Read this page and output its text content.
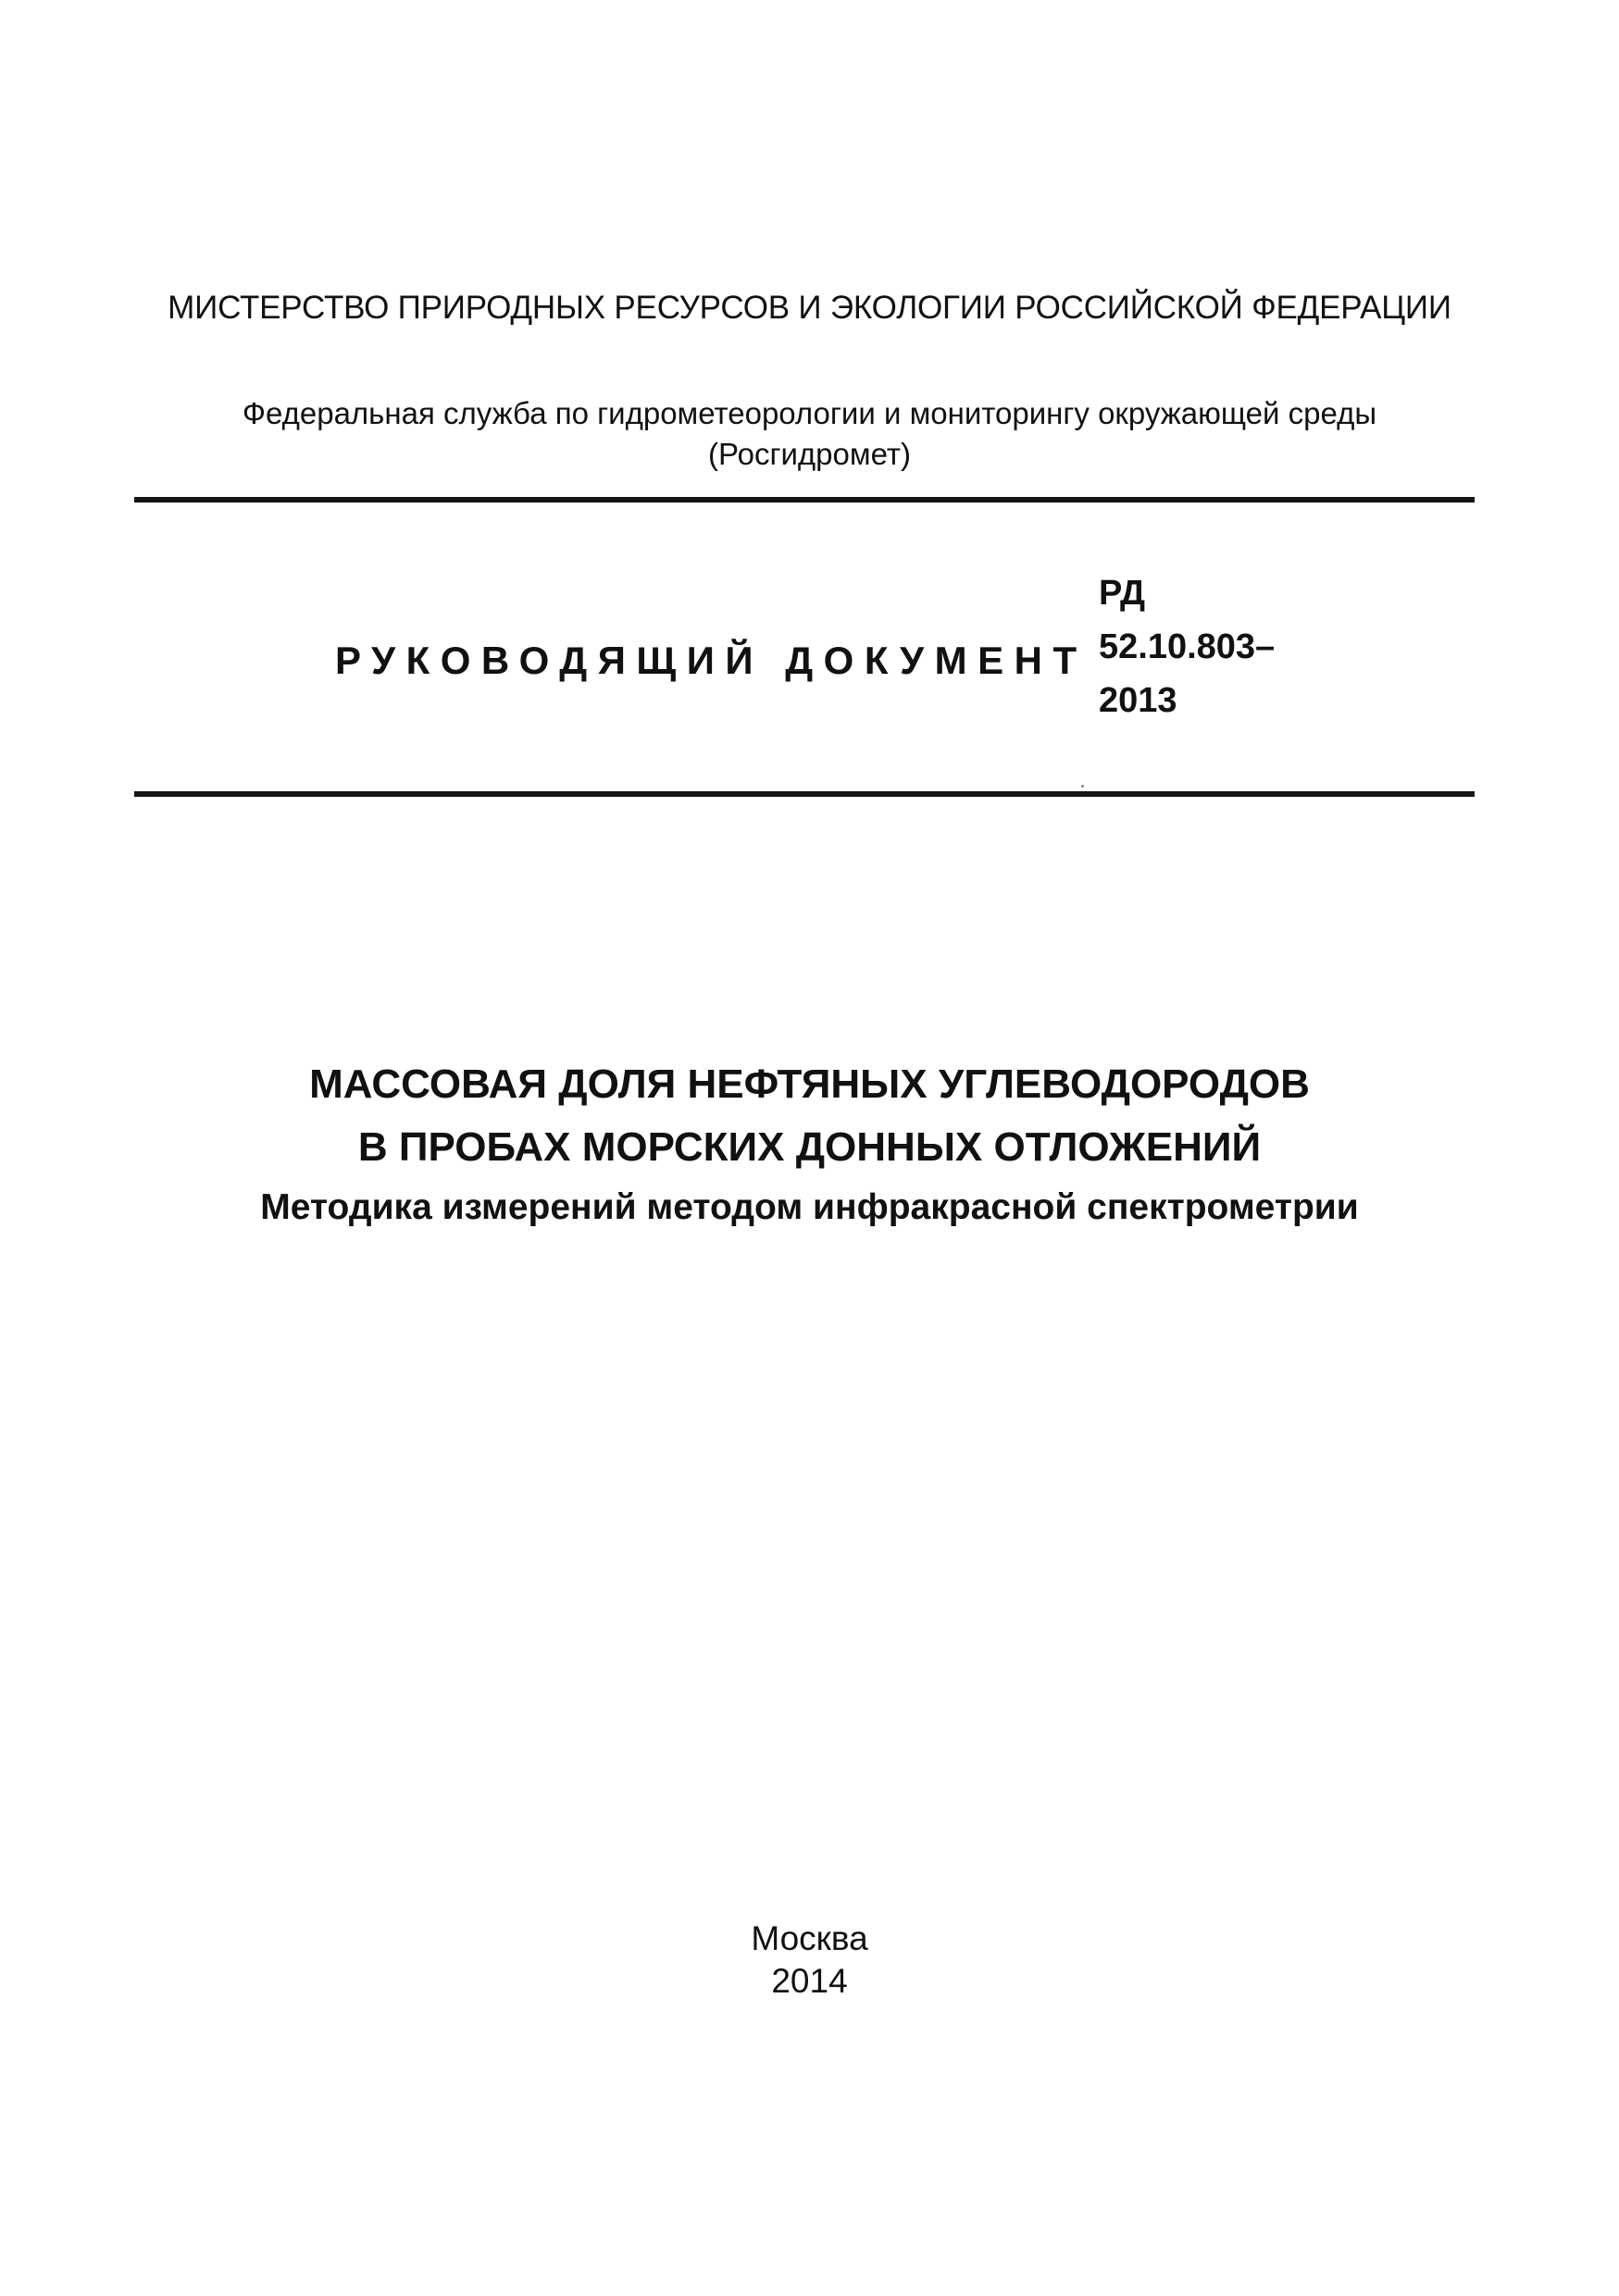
МИСТЕРСТВО ПРИРОДНЫХ РЕСУРСОВ И ЭКОЛОГИИ РОССИЙСКОЙ ФЕДЕРАЦИИ
Федеральная служба по гидрометеорологии и мониторингу окружающей среды
(Росгидромет)
РУКОВОДЯЩИЙ ДОКУМЕНТ
РД
52.10.803–
2013
МАССОВАЯ ДОЛЯ НЕФТЯНЫХ УГЛЕВОДОРОДОВ
В ПРОБАХ МОРСКИХ ДОННЫХ ОТЛОЖЕНИЙ
Методика измерений методом инфракрасной спектрометрии
Москва
2014
